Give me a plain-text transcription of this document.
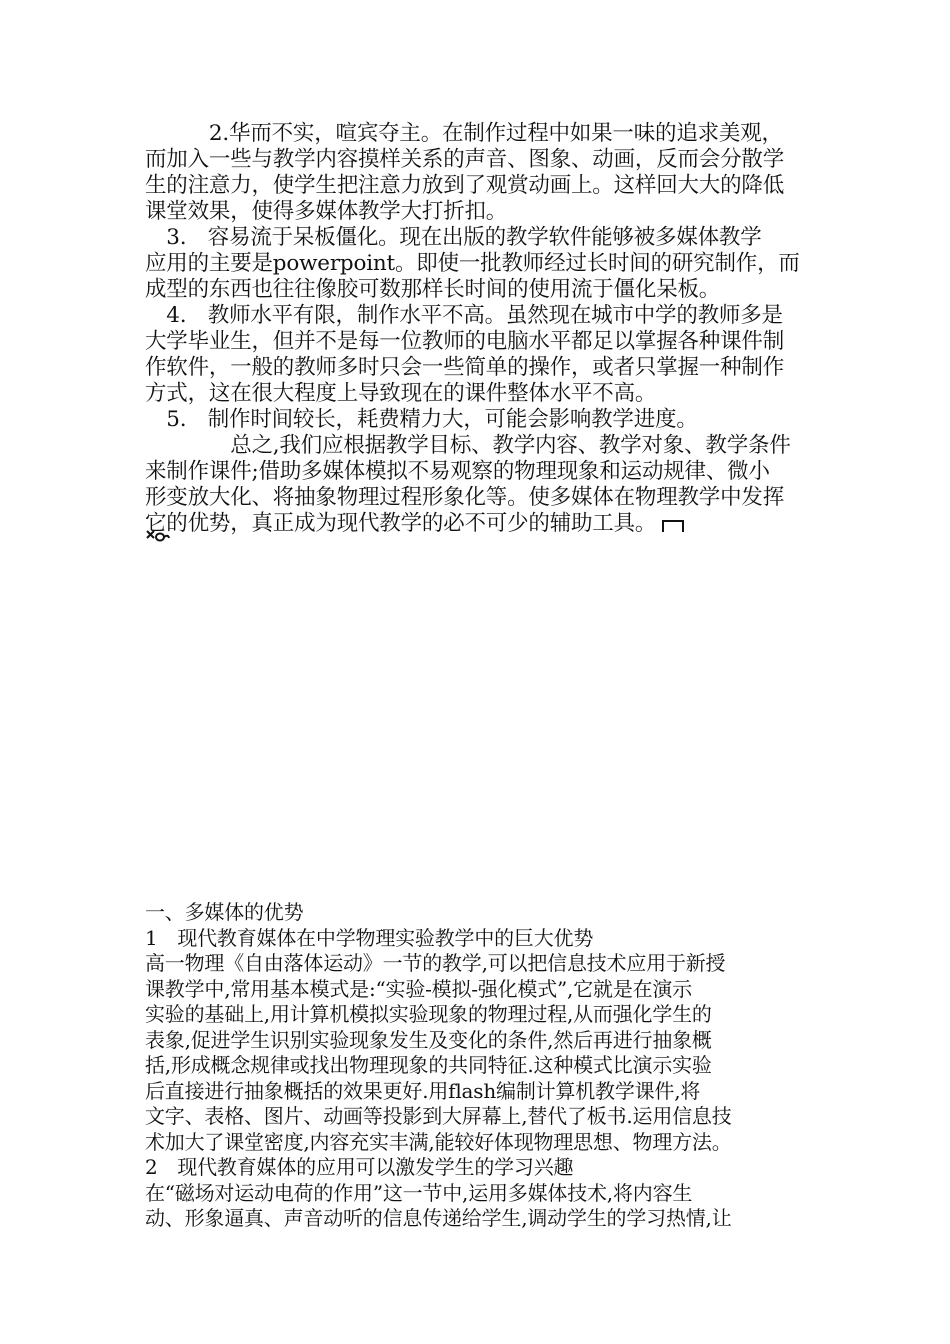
　　　2.华而不实，喧宾夺主。在制作过程中如果一味的追求美观，
而加入一些与教学内容摸样关系的声音、图象、动画，反而会分散学
生的注意力，使学生把注意力放到了观赏动画上。这样回大大的降低
课堂效果，使得多媒体教学大打折扣。
　3.　容易流于呆板僵化。现在出版的教学软件能够被多媒体教学
应用的主要是powerpoint。即使一批教师经过长时间的研究制作，而
成型的东西也往往像胶可数那样长时间的使用流于僵化呆板。
　4.　教师水平有限，制作水平不高。虽然现在城市中学的教师多是
大学毕业生，但并不是每一位教师的电脑水平都足以掌握各种课件制
作软件，一般的教师多时只会一些简单的操作，或者只掌握一种制作
方式，这在很大程度上导致现在的课件整体水平不高。
　5.　制作时间较长，耗费精力大，可能会影响教学进度。
　　　　总之,我们应根据教学目标、教学内容、教学对象、教学条件
来制作课件;借助多媒体模拟不易观察的物理现象和运动规律、微小
形变放大化、将抽象物理过程形象化等。使多媒体在物理教学中发挥
它的优势，真正成为现代教学的必不可少的辅助工具。
一、多媒体的优势
1　现代教育媒体在中学物理实验教学中的巨大优势
高一物理《自由落体运动》一节的教学,可以把信息技术应用于新授
课教学中,常用基本模式是:“实验-模拟-强化模式”,它就是在演示
实验的基础上,用计算机模拟实验现象的物理过程,从而强化学生的
表象,促进学生识别实验现象发生及变化的条件,然后再进行抽象概
括,形成概念规律或找出物理现象的共同特征.这种模式比演示实验
后直接进行抽象概括的效果更好.用flash编制计算机教学课件,将
文字、表格、图片、动画等投影到大屏幕上,替代了板书.运用信息技
术加大了课堂密度,内容充实丰满,能较好体现物理思想、物理方法。
2　现代教育媒体的应用可以激发学生的学习兴趣
在“磁场对运动电荷的作用”这一节中,运用多媒体技术,将内容生
动、形象逼真、声音动听的信息传递给学生,调动学生的学习热情,让
